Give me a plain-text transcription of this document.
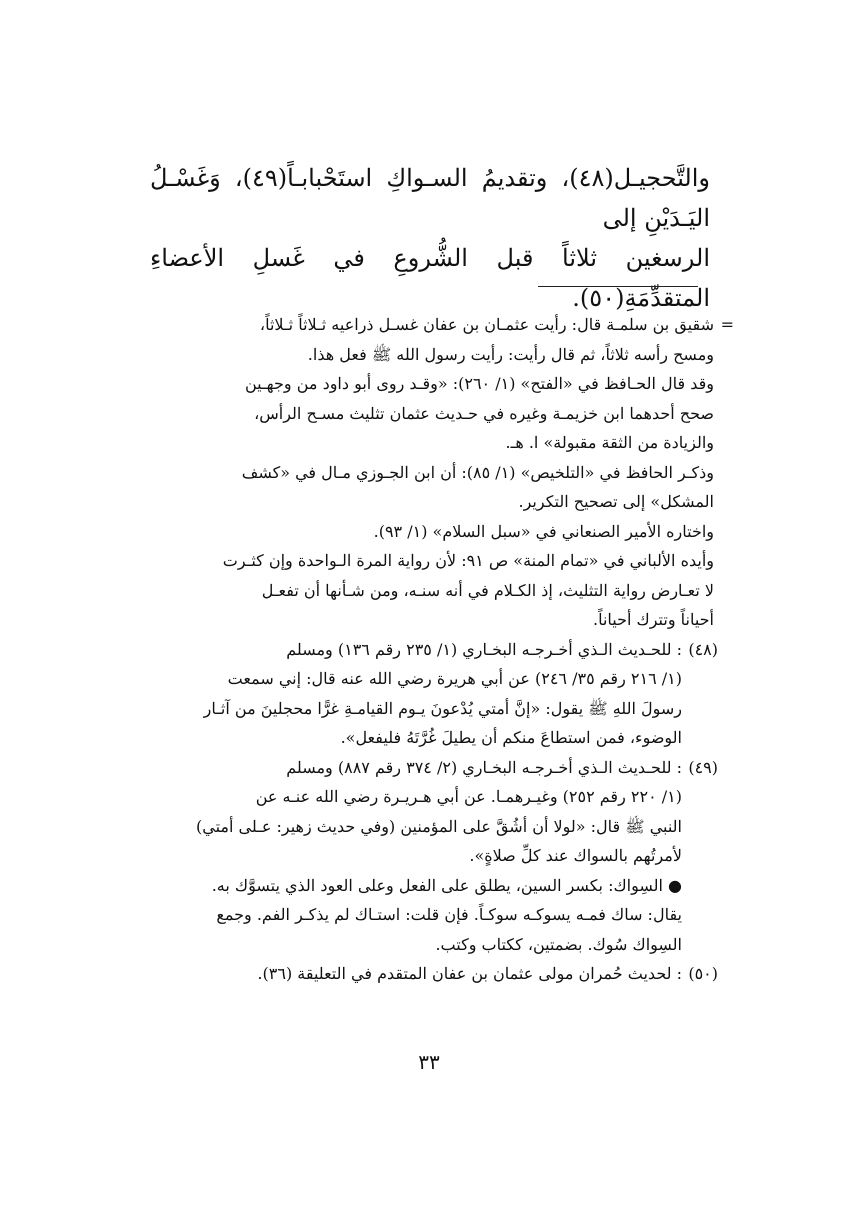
والتَّحجيـل(٤٨)، وتقديمُ السـواكِ استَحْبابـاً(٤٩)، وَغَسْـلُ اليَـدَيْنِ إلى

الرسغين ثلاثاً قبل الشُّروعِ في غَسلِ الأعضاءِ المتقدِّمَةِ(٥٠).

=

شقيق بن سلمـة قال: رأيت عثمـان بن عفان غسـل ذراعيه ثـلاثاً ثـلاثاً،

ومسح رأسه ثلاثاً، ثم قال رأيت: رأيت رسول الله ﷺ فعل هذا.

وقد قال الحـافظ في «الفتح» (١/ ٢٦٠): «وقـد روى أبو داود من وجهـين

صحح أحدهما ابن خزيمـة وغيره في حـديث عثمان تثليث مسـح الرأس،

والزيادة من الثقة مقبولة» ا. هـ.

وذكـر الحافظ في «التلخيص» (١/ ٨٥): أن ابن الجـوزي مـال في «كشف

المشكل» إلى تصحيح التكرير.

واختاره الأمير الصنعاني في «سبل السلام» (١/ ٩٣).

وأيده الألباني في «تمام المنة» ص ٩١: لأن رواية المرة الـواحدة وإن كثـرت

لا تعـارض رواية التثليث، إذ الكـلام في أنه سنـه، ومن شـأنها أن تفعـل

أحياناً وتترك أحياناً.

(٤٨)

: للحـديث الـذي أخـرجـه البخـاري (١/ ٢٣٥ رقم ١٣٦) ومسلم

(١/ ٢١٦ رقم ٣٥/ ٢٤٦) عن أبي هريرة رضي الله عنه قال: إني سمعت

رسولَ اللهِ ﷺ يقول: «إنَّ أمتي يُدْعونَ يـوم القيامـةِ غرًّا محجلينَ من آثـار

الوضوء، فمن استطاعَ منكم أن يطيلَ غُرَّتَهُ فليفعل».

(٤٩)

: للحـديث الـذي أخـرجـه البخـاري (٢/ ٣٧٤ رقم ٨٨٧) ومسلم

(١/ ٢٢٠ رقم ٢٥٢) وغيـرهمـا. عن أبي هـريـرة رضي الله عنـه عن

النبي ﷺ قال: «لولا أن أشُقَّ على المؤمنين (وفي حديث زهير: عـلى أمتي)

لأمرتُهم بالسواك عند كلِّ صلاةٍ».

● السِواك: بكسر السين، يطلق على الفعل وعلى العود الذي يتسوَّك به.

يقال: ساك فمـه يسوكـه سوكـاً. فإن قلت: استـاك لم يذكـر الفم. وجمع

السِواك سُوك. بضمتين، ككتاب وكتب.

(٥٠)

: لحديث حُمران مولى عثمان بن عفان المتقدم في التعليقة (٣٦).

٣٣
